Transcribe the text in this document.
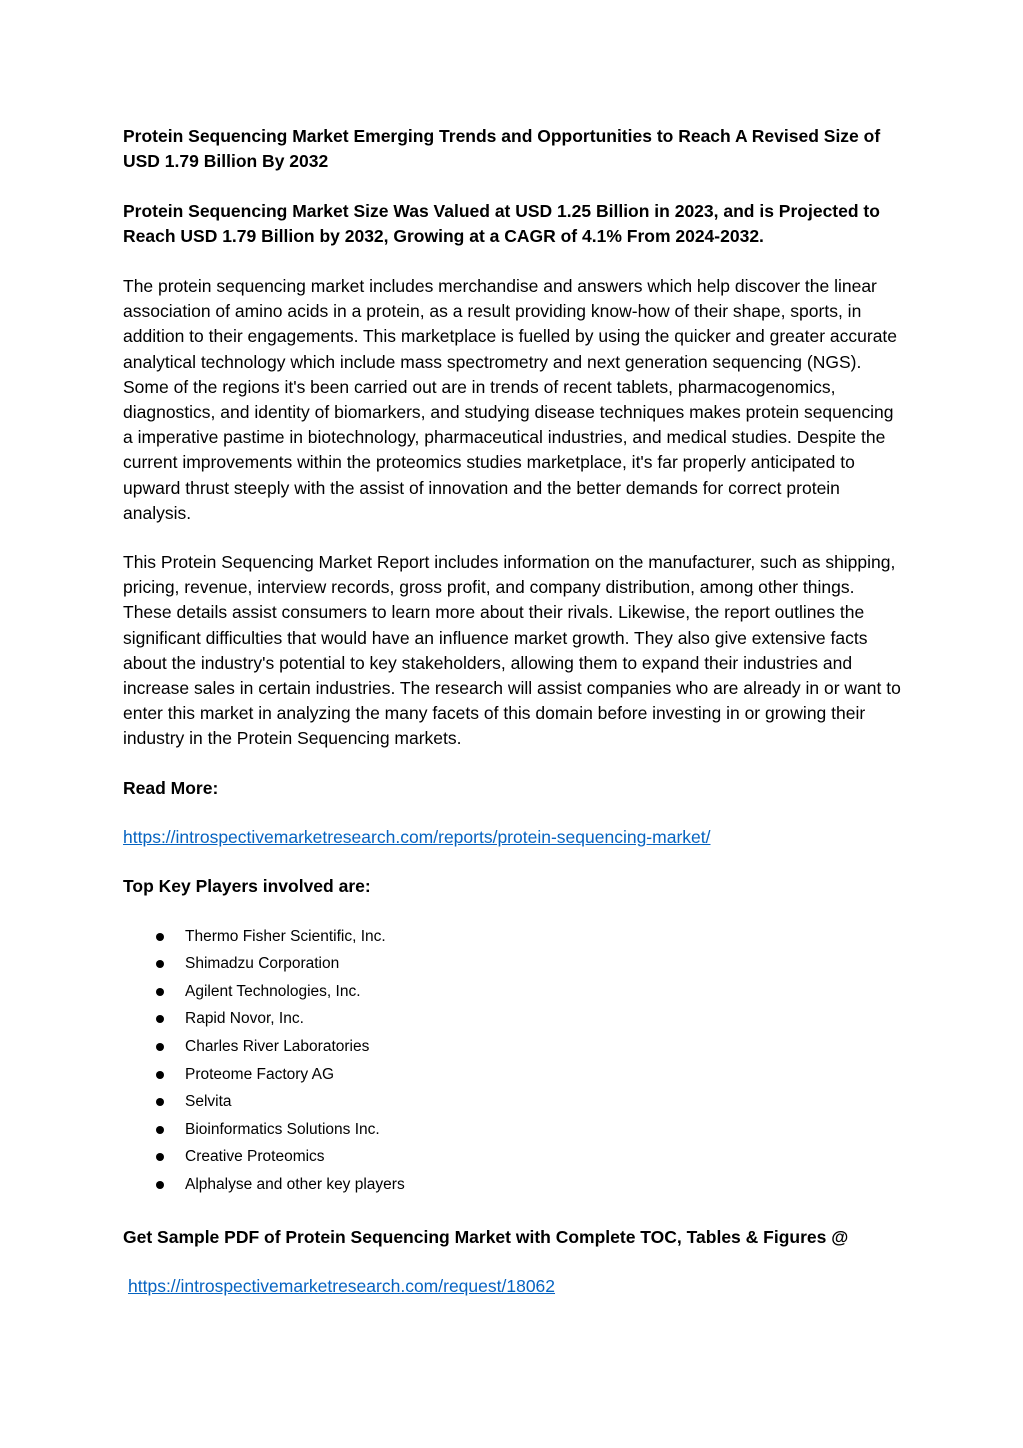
Protein Sequencing Market Emerging Trends and Opportunities to Reach A Revised Size of USD 1.79 Billion By 2032

Protein Sequencing Market Size Was Valued at USD 1.25 Billion in 2023, and is Projected to Reach USD 1.79 Billion by 2032, Growing at a CAGR of 4.1% From 2024-2032.

The protein sequencing market includes merchandise and answers which help discover the linear association of amino acids in a protein, as a result providing know-how of their shape, sports, in addition to their engagements. This marketplace is fuelled by using the quicker and greater accurate analytical technology which include mass spectrometry and next generation sequencing (NGS). Some of the regions it's been carried out are in trends of recent tablets, pharmacogenomics, diagnostics, and identity of biomarkers, and studying disease techniques makes protein sequencing a imperative pastime in biotechnology, pharmaceutical industries, and medical studies. Despite the current improvements within the proteomics studies marketplace, it's far properly anticipated to upward thrust steeply with the assist of innovation and the better demands for correct protein analysis.

This Protein Sequencing Market Report includes information on the manufacturer, such as shipping, pricing, revenue, interview records, gross profit, and company distribution, among other things. These details assist consumers to learn more about their rivals. Likewise, the report outlines the significant difficulties that would have an influence market growth. They also give extensive facts about the industry's potential to key stakeholders, allowing them to expand their industries and increase sales in certain industries. The research will assist companies who are already in or want to enter this market in analyzing the many facets of this domain before investing in or growing their industry in the Protein Sequencing markets.

Read More:

https://introspectivemarketresearch.com/reports/protein-sequencing-market/

Top Key Players involved are:

Thermo Fisher Scientific, Inc.
Shimadzu Corporation
Agilent Technologies, Inc.
Rapid Novor, Inc.
Charles River Laboratories
Proteome Factory AG
Selvita
Bioinformatics Solutions Inc.
Creative Proteomics
Alphalyse and other key players

Get Sample PDF of Protein Sequencing Market with Complete TOC, Tables & Figures @

https://introspectivemarketresearch.com/request/18062
